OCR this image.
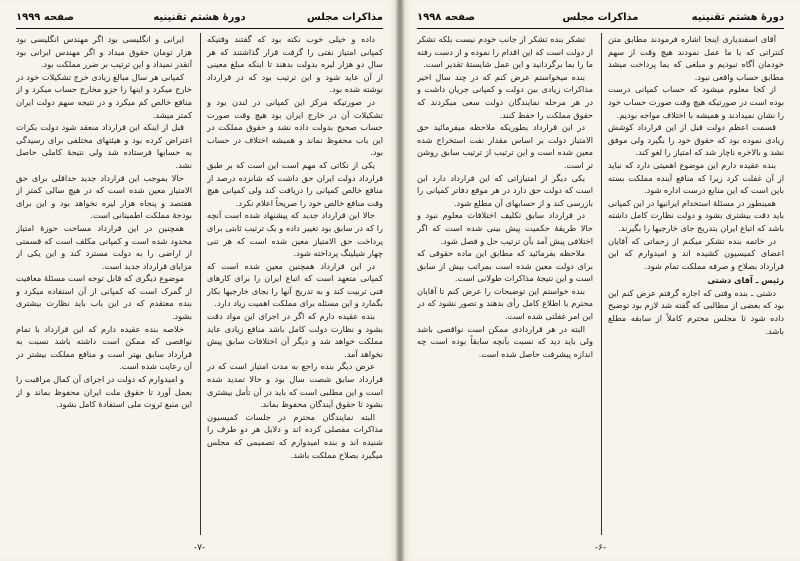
مذاكرات مجلس
دورهٔ هشتم تقنینیه
صفحه ۱۹۹۹

داده و خیلی خوب نکته بود که گفتند وقتیکه کمپانی امتیاز نفتی را گرفت قرار گذاشتند که هر سال دو هزار لیره بدولت بدهند تا اینکه مبلغ معینی از آن عاید شود و این ترتیب بود که در قرارداد نوشته شده بود.

در صورتیکه مرکز این کمپانی در لندن بود و تشکیلات آن در خارج ایران بود هیچ وقت صورت حساب صحیح بدولت داده نشد و حقوق مملکت در این باب محفوظ نماند و همیشه اختلاف در حساب بود.

یکی از نکاتی که مهم است این است که بر طبق قرارداد دولت ایران حق داشت که شانزده درصد از منافع خالص کمپانی را دریافت کند ولی کمپانی هیچ وقت منافع خالص خود را صریحاً اعلام نکرد.

حالا این قرارداد جدید که پیشنهاد شده است آنچه را که در سابق بود تغییر داده و یک ترتیب ثابتی برای پرداخت حق الامتیاز معین شده است که هر تنی چهار شیلینگ پرداخته شود.

در این قرارداد همچنین معین شده است که کمپانی متعهد است که اتباع ایران را برای کارهای فنی تربیت کند و به تدریج آنها را بجای خارجیها بکار بگمارد و این مسئله برای مملکت اهمیت زیاد دارد.

بنده عقیده دارم که اگر در اجرای این مواد دقت بشود و نظارت دولت کامل باشد منافع زیادی عاید مملکت خواهد شد و دیگر آن اختلافات سابق پیش نخواهد آمد.

عرض دیگر بنده راجع به مدت امتیاز است که در قرارداد سابق شصت سال بود و حالا تمدید شده است و این مطلبی است که باید در آن تأمل بیشتری بشود تا حقوق آیندگان محفوظ بماند.

البته نمایندگان محترم در جلسات کمیسیون مذاکرات مفصلی کرده اند و دلایل هر دو طرف را شنیده اند و بنده امیدوارم که تصمیمی که مجلس میگیرد بصلاح مملکت باشد.

ایرانی و انگلیسی بود اگر مهندس انگلیسی بود هزار تومان حقوق میداد و اگر مهندس ایرانی بود آنقدر نمیداد و این ترتیب بر ضرر مملکت بود.

کمپانی هر سال مبالغ زیادی خرج تشکیلات خود در خارج میکرد و اینها را جزو مخارج حساب میکرد و از منافع خالص کم میکرد و در نتیجه سهم دولت ایران کمتر میشد.

قبل از اینکه این قرارداد منعقد شود دولت بکرات اعتراض کرده بود و هیئتهای مختلفی برای رسیدگی به حسابها فرستاده شد ولی نتیجهٔ کاملی حاصل نشد.

حالا بموجب این قرارداد جدید حداقلی برای حق الامتیاز معین شده است که در هیچ سالی کمتر از هفتصد و پنجاه هزار لیره نخواهد بود و این برای بودجهٔ مملکت اطمینانی است.

همچنین در این قرارداد مساحت حوزهٔ امتیاز محدود شده است و کمپانی مکلف است که قسمتی از اراضی را به دولت مسترد کند و این یکی از مزایای قرارداد جدید است.

موضوع دیگری که قابل توجه است مسئلهٔ معافیت از گمرک است که کمپانی از آن استفاده میکرد و بنده معتقدم که در این باب باید نظارت بیشتری بشود.

خلاصه بنده عقیده دارم که این قرارداد با تمام نواقصی که ممکن است داشته باشد نسبت به قرارداد سابق بهتر است و منافع مملکت بیشتر در آن رعایت شده است.

و امیدوارم که دولت در اجرای آن کمال مراقبت را بعمل آورد تا حقوق ملت ایران محفوظ بماند و از این منبع ثروت ملی استفادهٔ کامل بشود.

-۷-
دورهٔ هشتم تقنینیه
مذاكرات مجلس
صفحه ۱۹۹۸

آقای اسفندیاری اینجا اشاره فرمودند مطابق متن کنتراتی که با ما عمل نمودند هیچ وقت از سهم خودمان آگاه نبودیم و مبلغی که بما پرداخت میشد مطابق حساب واقعی نبود.

از کجا معلوم میشود که حساب کمپانی درست بوده است در صورتیکه هیچ وقت صورت حساب خود را نشان نمیدادند و همیشه با اختلاف مواجه بودیم.

قسمت اعظم دولت قبل از این قرارداد کوشش زیادی نموده بود که حقوق خود را بگیرد ولی موفق نشد و بالاخره ناچار شد که امتیاز را لغو کند.

بنده عقیده دارم این موضوع اهمیتی دارد که نباید از آن غفلت کرد زیرا که منافع آینده مملکت بسته باین است که این منابع درست اداره شود.

همینطور در مسئلهٔ استخدام ایرانیها در این کمپانی باید دقت بیشتری بشود و دولت نظارت کامل داشته باشد که اتباع ایران بتدریج جای خارجیها را بگیرند.

در خاتمه بنده تشکر میکنم از زحماتی که آقایان اعضای کمیسیون کشیده اند و امیدوارم که این قرارداد بصلاح و صرفه مملکت تمام شود.

رئیس ـ آقای دشتی

دشتی ـ بنده وقتی که اجازه گرفتم عرض کنم این بود که بعضی از مطالبی که گفته شد لازم بود توضیح داده شود تا مجلس محترم کاملاً از سابقه مطلع باشد.

تشکر بنده تشکر از جانب خودم نیست بلکه تشکر از دولت است که این اقدام را نموده و از دست رفته ما را بما برگردانید و این عمل شایستهٔ تقدیر است.

بنده میخواستم عرض کنم که در چند سال اخیر مذاکرات زیادی بین دولت و کمپانی جریان داشت و در هر مرحله نمایندگان دولت سعی میکردند که حقوق مملکت را حفظ کنند.

در این قرارداد بطوریکه ملاحظه میفرمائید حق الامتیاز دولت بر اساس مقدار نفت استخراج شده معین شده است و این ترتیب از ترتیب سابق روشن تر است.

یکی دیگر از امتیازاتی که این قرارداد دارد این است که دولت حق دارد در هر موقع دفاتر کمپانی را بازرسی کند و از حسابهای آن مطلع شود.

در قرارداد سابق تکلیف اختلافات معلوم نبود و حالا طریقهٔ حکمیت پیش بینی شده است که اگر اختلافی پیش آمد بآن ترتیب حل و فصل شود.

ملاحظه بفرمائید که مطابق این ماده حقوقی که برای دولت معین شده است بمراتب بیش از سابق است و این نتیجهٔ مذاکرات طولانی است.

بنده خواستم این توضیحات را عرض کنم تا آقایان محترم با اطلاع کامل رأی بدهند و تصور نشود که در این امر غفلتی شده است.

البته در هر قراردادی ممکن است نواقصی باشد ولی باید دید که نسبت بآنچه سابقاً بوده است چه اندازه پیشرفت حاصل شده است.

-۶-
